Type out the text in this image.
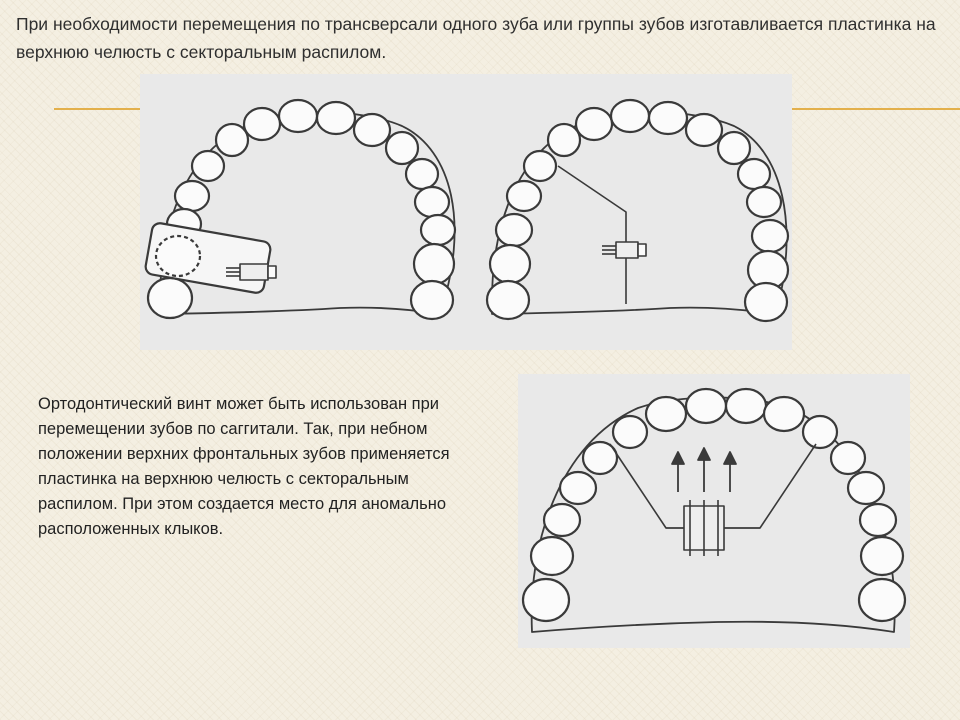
При необходимости перемещения по трансверсали одного зуба или группы зубов изготавливается пластинка на верхнюю челюсть с секторальным распилом.

Ортодонтический винт может быть использован при перемещении зубов по саггитали. Так, при небном положении верхних фронтальных зубов применяется пластинка на верхнюю челюсть с секторальным распилом. При этом создается место для аномально расположенных клыков.
